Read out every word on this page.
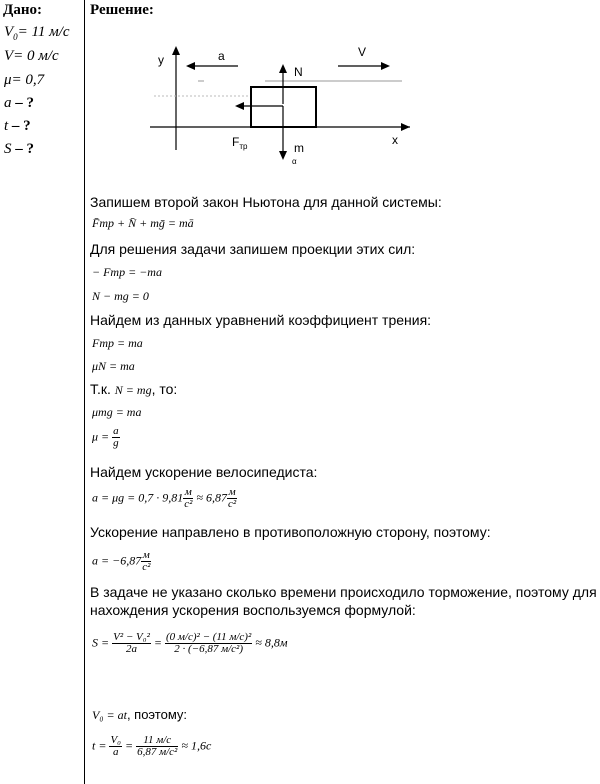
Дано:
$V_0= 11$ м/с
V= 0 м/с
μ= 0,7
a – ?
t – ?
S – ?
Решение:
y
x
a	V
N
$F_{тр}$	m
α
Запишем второй закон Ньютона для данной системы:
F̄тр + N̄ + mḡ = mā
Для решения задачи запишем проекции этих сил:
− Fтр = −ma
N − mg = 0
Найдем из данных уравнений коэффициент трения:
Fтр = ma
μN = ma
Т.к. N = mg, то:
μmg = ma
$\mu = \frac{a}{g}$
Найдем ускорение велосипедиста:
$a = \mu g = 0,7 \cdot 9,81 \frac{м}{\text{с²}} \approx 6,87 \frac{м}{\text{с²}}$
Ускорение направлено в противоположную сторону, поэтому:
$a = -6,87 \frac{м}{\text{с²}}$
В задаче не указано сколько времени происходило торможение, поэтому для
нахождения ускорения воспользуемся формулой:
$S = \frac{\text{V² − V₀²}}{2a} = \frac{\text{(0 м/с)² − (11 м/с)²}}{\text{2 · (−6,87 м/с²)}} \approx 8,8м$
V₀ = at, поэтому:
$t = \frac{\text{V₀}}{a} = \frac{11 м/с}{\text{6,87 м/с²}} \approx 1,6с$
